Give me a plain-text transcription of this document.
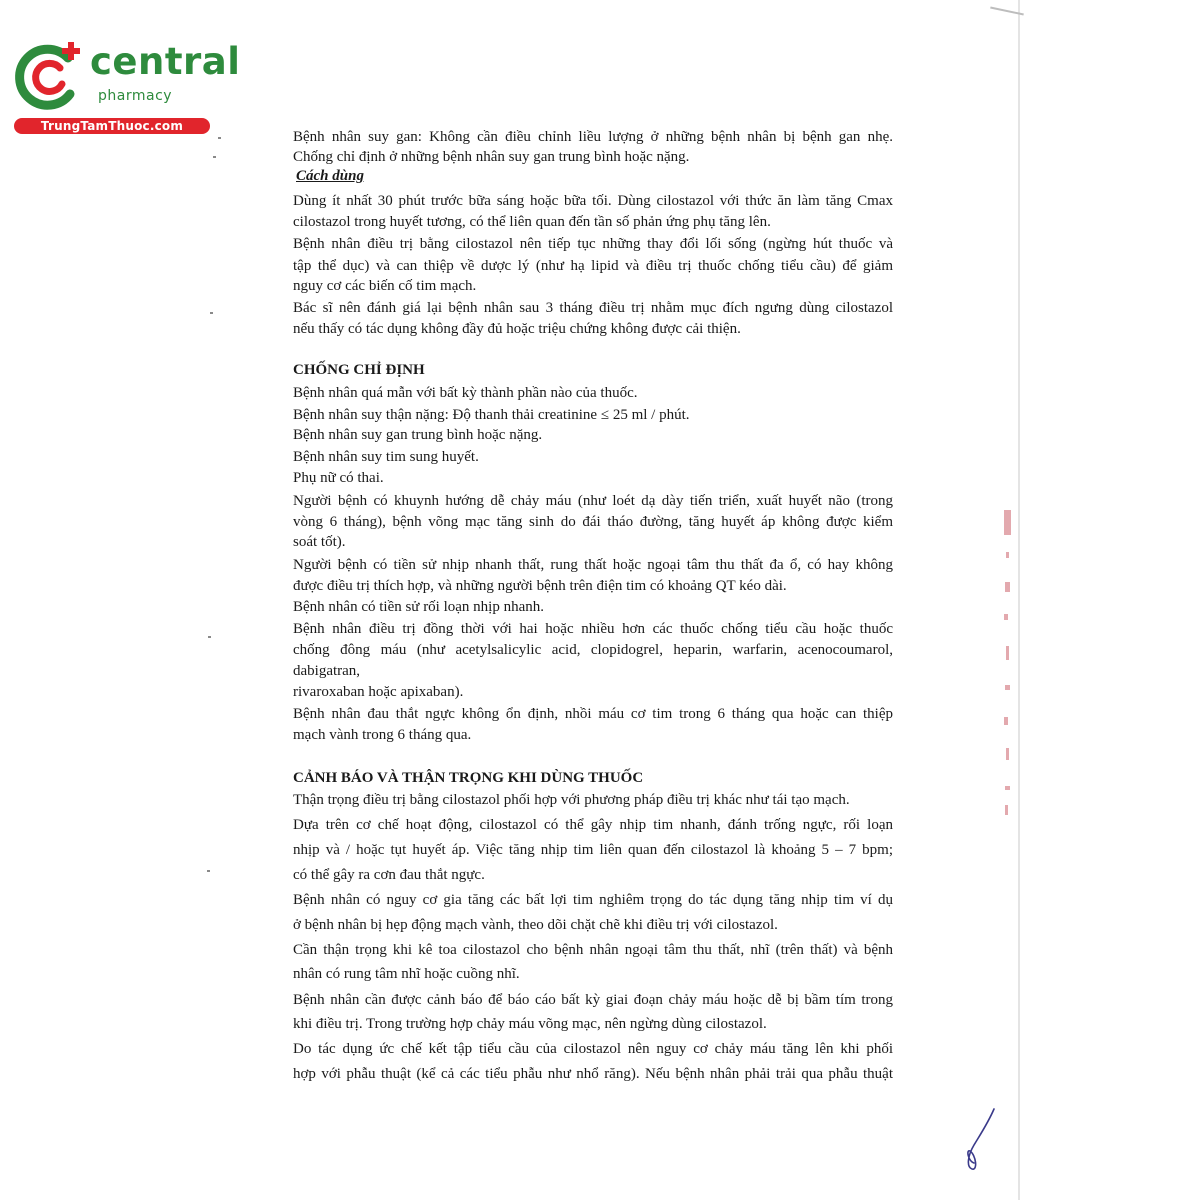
central
pharmacy
TrungTamThuoc.com
Bệnh nhân suy gan: Không cần điều chỉnh liều lượng ở những bệnh nhân bị bệnh gan nhẹ.
Chống chỉ định ở những bệnh nhân suy gan trung bình hoặc nặng.
Cách dùng
Dùng ít nhất 30 phút trước bữa sáng hoặc bữa tối. Dùng cilostazol với thức ăn làm tăng Cmax
cilostazol trong huyết tương, có thể liên quan đến tần số phản ứng phụ tăng lên.
Bệnh nhân điều trị bằng cilostazol nên tiếp tục những thay đổi lối sống (ngừng hút thuốc và
tập thể dục) và can thiệp về dược lý (như hạ lipid và điều trị thuốc chống tiểu cầu) để giảm
nguy cơ các biến cố tim mạch.
Bác sĩ nên đánh giá lại bệnh nhân sau 3 tháng điều trị nhằm mục đích ngưng dùng cilostazol
nếu thấy có tác dụng không đầy đủ hoặc triệu chứng không được cải thiện.
CHỐNG CHỈ ĐỊNH
Bệnh nhân quá mẫn với bất kỳ thành phần nào của thuốc.
Bệnh nhân suy thận nặng: Độ thanh thải creatinine ≤ 25 ml / phút.
Bệnh nhân suy gan trung bình hoặc nặng.
Bệnh nhân suy tim sung huyết.
Phụ nữ có thai.
Người bệnh có khuynh hướng dễ chảy máu (như loét dạ dày tiến triển, xuất huyết não (trong
vòng 6 tháng), bệnh võng mạc tăng sinh do đái tháo đường, tăng huyết áp không được kiểm
soát tốt).
Người bệnh có tiền sử nhịp nhanh thất, rung thất hoặc ngoại tâm thu thất đa ổ, có hay không
được điều trị thích hợp, và những người bệnh trên điện tim có khoảng QT kéo dài.
Bệnh nhân có tiền sử rối loạn nhịp nhanh.
Bệnh nhân điều trị đồng thời với hai hoặc nhiều hơn các thuốc chống tiểu cầu hoặc thuốc
chống đông máu (như acetylsalicylic acid, clopidogrel, heparin, warfarin, acenocoumarol,
dabigatran,
rivaroxaban hoặc apixaban).
Bệnh nhân đau thắt ngực không ổn định, nhồi máu cơ tim trong 6 tháng qua hoặc can thiệp
mạch vành trong 6 tháng qua.
CẢNH BÁO VÀ THẬN TRỌNG KHI DÙNG THUỐC
Thận trọng điều trị bằng cilostazol phối hợp với phương pháp điều trị khác như tái tạo mạch.
Dựa trên cơ chế hoạt động, cilostazol có thể gây nhịp tim nhanh, đánh trống ngực, rối loạn
nhịp và / hoặc tụt huyết áp. Việc tăng nhịp tim liên quan đến cilostazol là khoảng 5 – 7 bpm;
có thể gây ra cơn đau thắt ngực.
Bệnh nhân có nguy cơ gia tăng các bất lợi tim nghiêm trọng do tác dụng tăng nhịp tim ví dụ
ở bệnh nhân bị hẹp động mạch vành, theo dõi chặt chẽ khi điều trị với cilostazol.
Cần thận trọng khi kê toa cilostazol cho bệnh nhân ngoại tâm thu thất, nhĩ (trên thất) và bệnh
nhân có rung tâm nhĩ hoặc cuồng nhĩ.
Bệnh nhân cần được cảnh báo để báo cáo bất kỳ giai đoạn chảy máu hoặc dễ bị bầm tím trong
khi điều trị. Trong trường hợp chảy máu võng mạc, nên ngừng dùng cilostazol.
Do tác dụng ức chế kết tập tiểu cầu của cilostazol nên nguy cơ chảy máu tăng lên khi phối
hợp với phẫu thuật (kể cả các tiểu phẫu như nhổ răng). Nếu bệnh nhân phải trải qua phẫu thuật
